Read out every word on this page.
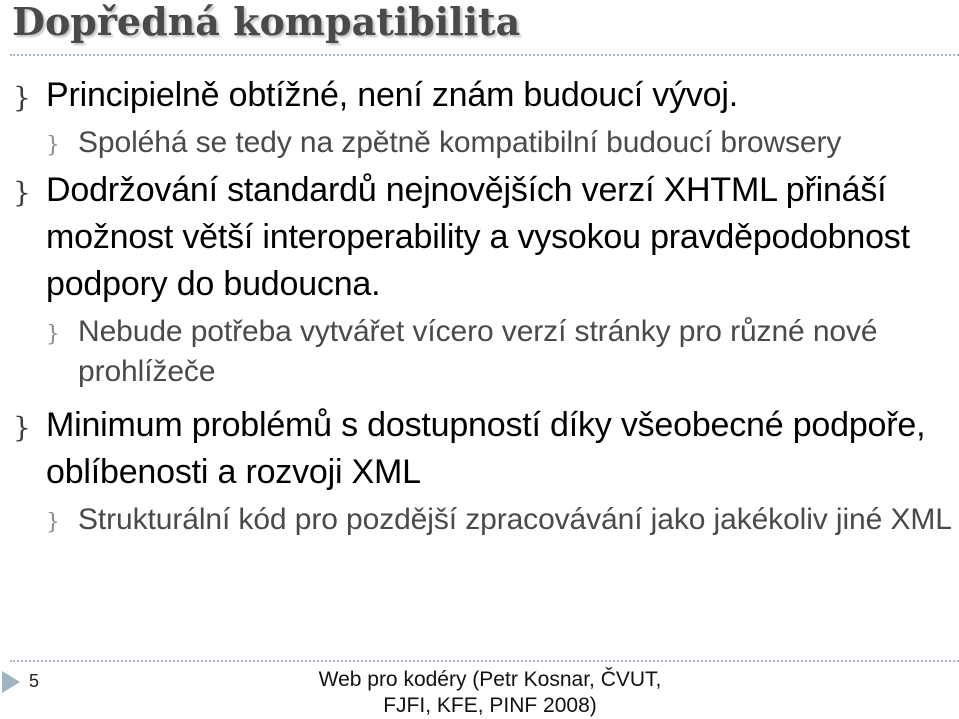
Dopředná kompatibilita
} Principielně obtížné, není znám budoucí vývoj.
} Spoléhá se tedy na zpětně kompatibilní budoucí browsery
} Dodržování standardů nejnovějších verzí XHTML přináší možnost větší interoperability a vysokou pravděpodobnost podpory do budoucna.
} Nebude potřeba vytvářet vícero verzí stránky pro různé nové prohlížeče
} Minimum problémů s dostupností díky všeobecné podpoře, oblíbenosti a rozvoji XML
} Strukturální kód pro pozdější zpracovávání jako jakékoliv jiné XML
5	Web pro kodéry (Petr Kosnar, ČVUT,
FJFI, KFE, PINF 2008)
